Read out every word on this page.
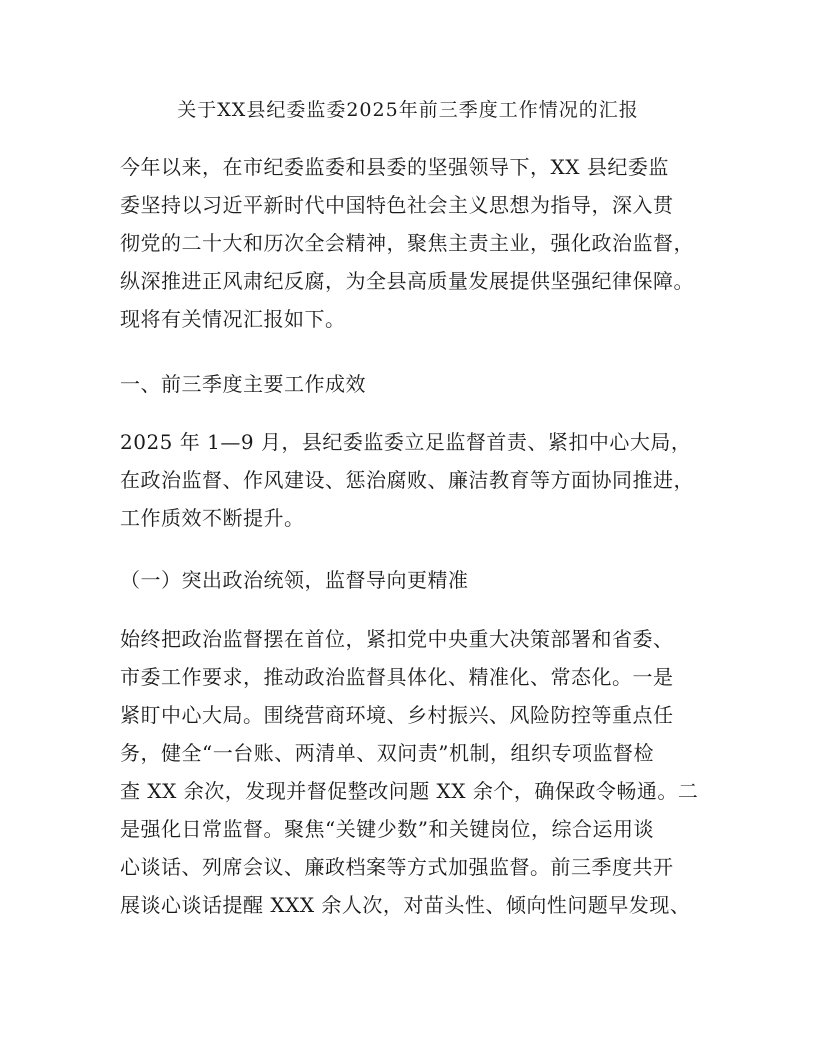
关于XX县纪委监委2025年前三季度工作情况的汇报
今年以来，在市纪委监委和县委的坚强领导下，XX 县纪委监
委坚持以习近平新时代中国特色社会主义思想为指导，深入贯
彻党的二十大和历次全会精神，聚焦主责主业，强化政治监督，
纵深推进正风肃纪反腐，为全县高质量发展提供坚强纪律保障。
现将有关情况汇报如下。
一、前三季度主要工作成效
2025 年 1—9 月，县纪委监委立足监督首责、紧扣中心大局，
在政治监督、作风建设、惩治腐败、廉洁教育等方面协同推进，
工作质效不断提升。
（一）突出政治统领，监督导向更精准
始终把政治监督摆在首位，紧扣党中央重大决策部署和省委、
市委工作要求，推动政治监督具体化、精准化、常态化。一是
紧盯中心大局。围绕营商环境、乡村振兴、风险防控等重点任
务，健全“一台账、两清单、双问责”机制，组织专项监督检
查 XX 余次，发现并督促整改问题 XX 余个，确保政令畅通。二
是强化日常监督。聚焦“关键少数”和关键岗位，综合运用谈
心谈话、列席会议、廉政档案等方式加强监督。前三季度共开
展谈心谈话提醒 XXX 余人次，对苗头性、倾向性问题早发现、
